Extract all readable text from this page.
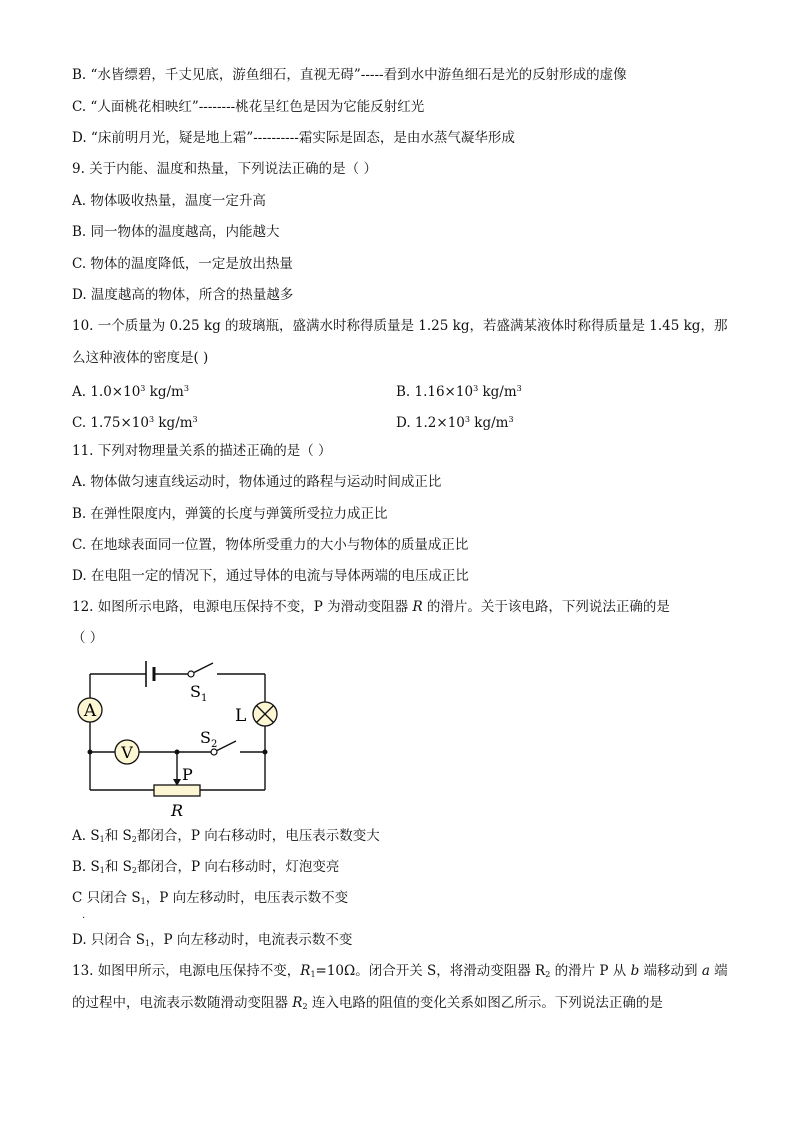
B. “水皆缥碧，千丈见底，游鱼细石，直视无碍”-----看到水中游鱼细石是光的反射形成的虚像
C. “人面桃花相映红”--------桃花呈红色是因为它能反射红光
D. “床前明月光，疑是地上霜”----------霜实际是固态，是由水蒸气凝华形成
9. 关于内能、温度和热量，下列说法正确的是（ ）
A. 物体吸收热量，温度一定升高
B. 同一物体的温度越高，内能越大
C. 物体的温度降低，一定是放出热量
D. 温度越高的物体，所含的热量越多
10. 一个质量为 0.25 kg 的玻璃瓶，盛满水时称得质量是 1.25 kg，若盛满某液体时称得质量是 1.45 kg，那
么这种液体的密度是( )
A. $1.0\times 10^3$ $kg/m^3$	B. $1.16\times 10^3$ $kg/m^3$
C. $1.75\times 10^3$ $kg/m^3$	D. $1.2\times 10^3$ $kg/m^3$
11. 下列对物理量关系的描述正确的是（ ）
A. 物体做匀速直线运动时，物体通过的路程与运动时间成正比
B. 在弹性限度内，弹簧的长度与弹簧所受拉力成正比
C. 在地球表面同一位置，物体所受重力的大小与物体的质量成正比
D. 在电阻一定的情况下，通过导体的电流与导体两端的电压成正比
12. 如图所示电路，电源电压保持不变，P 为滑动变阻器 R 的滑片。关于该电路，下列说法正确的是
（ ）
A
V
L
$S_1$
$S_2$
P
R
A. $S_1$和 $S_2$都闭合，P 向右移动时，电压表示数变大
B. $S_1$和 $S_2$都闭合，P 向右移动时，灯泡变亮
C 只闭合 $S_1$，P 向左移动时，电压表示数不变
.
D. 只闭合 $S_1$，P 向左移动时，电流表示数不变
13. 如图甲所示，电源电压保持不变，$R_1=10\Omega$。闭合开关 S，将滑动变阻器 $R_2$ 的滑片 P 从 b 端移动到 a 端
的过程中，电流表示数随滑动变阻器 $R_2$ 连入电路的阻值的变化关系如图乙所示。下列说法正确的是
